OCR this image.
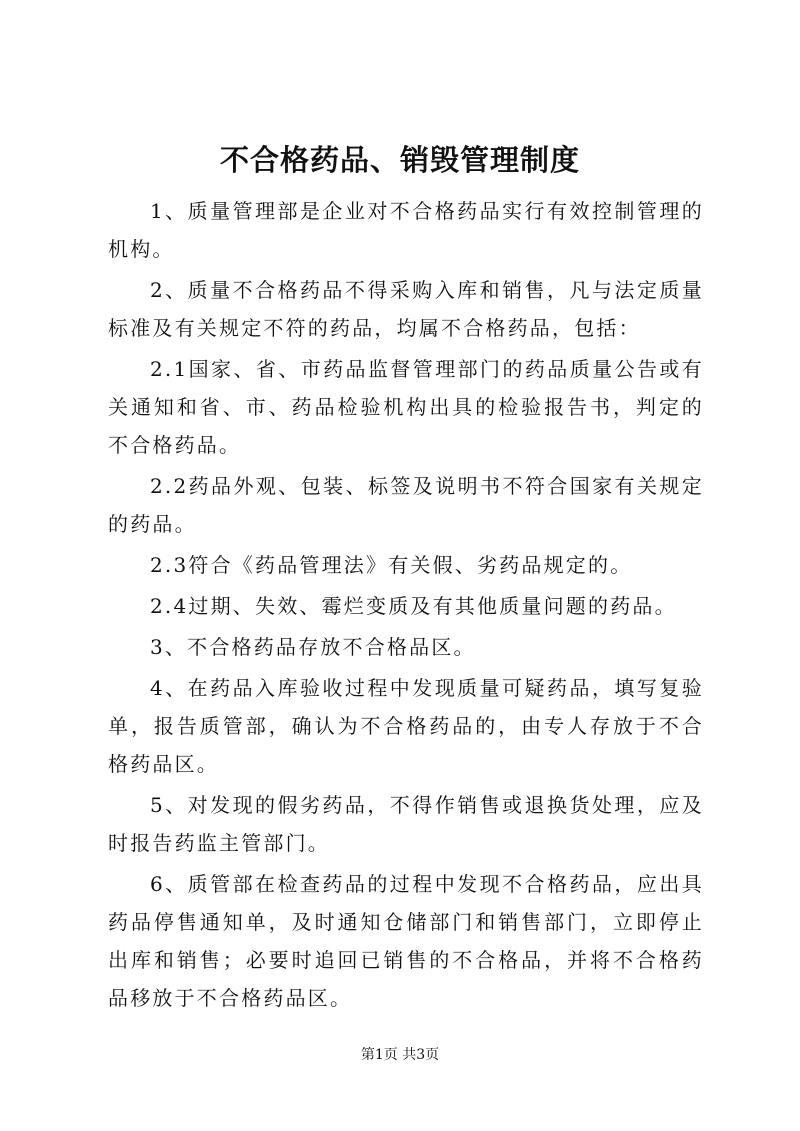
不合格药品、销毁管理制度

1、质量管理部是企业对不合格药品实行有效控制管理的机构。

2、质量不合格药品不得采购入库和销售，凡与法定质量标准及有关规定不符的药品，均属不合格药品，包括：

2.1国家、省、市药品监督管理部门的药品质量公告或有关通知和省、市、药品检验机构出具的检验报告书，判定的不合格药品。

2.2药品外观、包装、标签及说明书不符合国家有关规定的药品。

2.3符合《药品管理法》有关假、劣药品规定的。

2.4过期、失效、霉烂变质及有其他质量问题的药品。

3、不合格药品存放不合格品区。

4、在药品入库验收过程中发现质量可疑药品，填写复验单，报告质管部，确认为不合格药品的，由专人存放于不合格药品区。

5、对发现的假劣药品，不得作销售或退换货处理，应及时报告药监主管部门。

6、质管部在检查药品的过程中发现不合格药品，应出具药品停售通知单，及时通知仓储部门和销售部门，立即停止出库和销售；必要时追回已销售的不合格品，并将不合格药品移放于不合格药品区。

第1页 共3页
